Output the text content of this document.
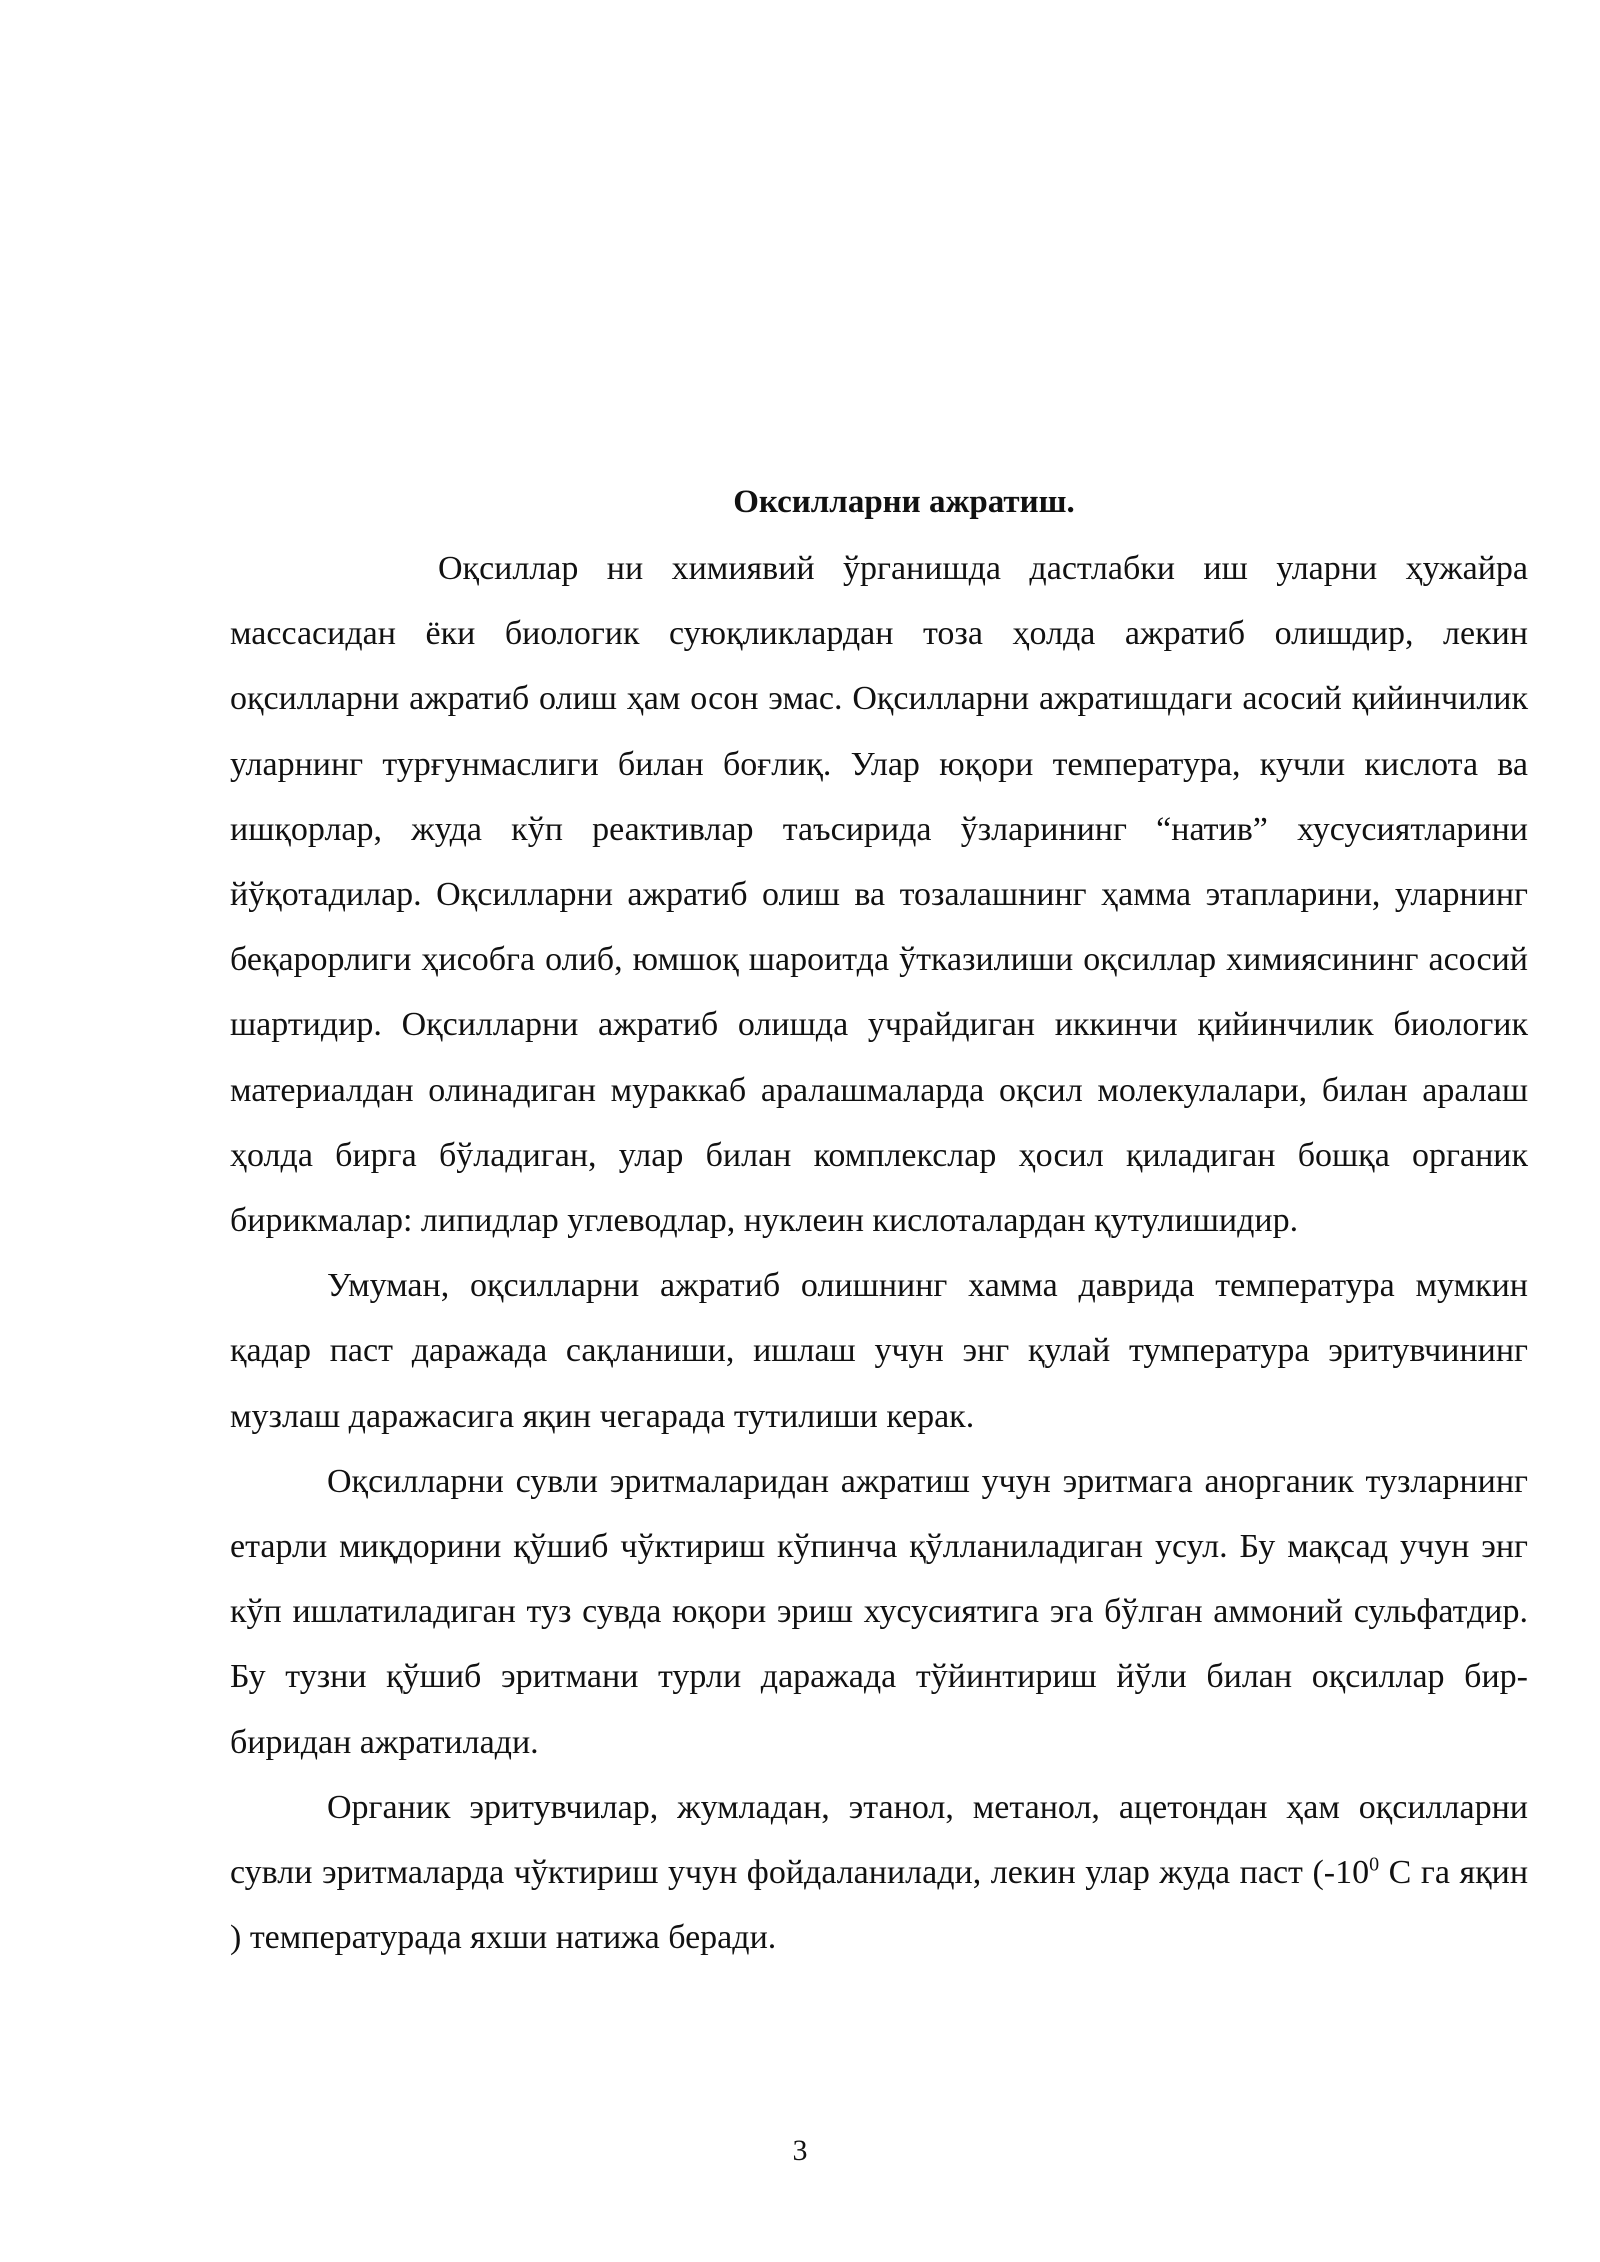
Оксилларни ажратиш.

Оқсиллар ни химиявий ўрганишда дастлабки иш уларни ҳужайра массасидан ёки биологик суюқликлардан тоза ҳолда ажратиб олишдир, лекин оқсилларни ажратиб олиш ҳам осон эмас. Оқсилларни ажратишдаги асосий қийинчилик уларнинг турғунмаслиги билан боғлиқ. Улар юқори температура, кучли кислота ва ишқорлар, жуда кўп реактивлар таъсирида ўзларининг “натив” хусусиятларини йўқотадилар. Оқсилларни ажратиб олиш ва тозалашнинг ҳамма этапларини, уларнинг беқарорлиги ҳисобга олиб, юмшоқ шароитда ўтказилиши оқсиллар химиясининг асосий шартидир. Оқсилларни ажратиб олишда учрайдиган иккинчи қийинчилик биологик материалдан олинадиган мураккаб аралашмаларда оқсил молекулалари, билан аралаш ҳолда бирга бўладиган, улар билан комплекслар ҳосил қиладиган бошқа органик бирикмалар: липидлар углеводлар, нуклеин кислоталардан қутулишидир.

Умуман, оқсилларни ажратиб олишнинг хамма даврида температура мумкин қадар паст даражада сақланиши, ишлаш учун энг қулай тумпература эритувчининг музлаш даражасига яқин чегарада тутилиши керак.

Оқсилларни сувли эритмаларидан ажратиш учун эритмага анорганик тузларнинг етарли миқдорини қўшиб чўктириш кўпинча қўлланиладиган усул. Бу мақсад учун энг кўп ишлатиладиган туз сувда юқори эриш хусусиятига эга бўлган аммоний сульфатдир. Бу тузни қўшиб эритмани турли даражада тўйинтириш йўли билан оқсиллар бир-биридан ажратилади.

Органик эритувчилар, жумладан, этанол, метанол, ацетондан ҳам оқсилларни сувли эритмаларда чўктириш учун фойдаланилади, лекин улар жуда паст ($-10^0$ С га яқин ) температурада яхши натижа беради.

3
